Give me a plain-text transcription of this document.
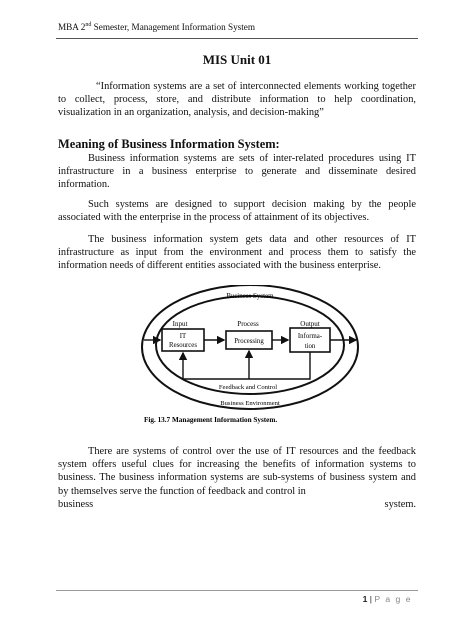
MBA 2nd Semester, Management Information System
MIS Unit 01
“Information systems are a set of interconnected elements working together to collect, process, store, and distribute information to help coordination, visualization in an organization, analysis, and decision-making”
Meaning of Business Information System:
Business information systems are sets of inter-related procedures using IT infrastructure in a business enterprise to generate and disseminate desired information.
Such systems are designed to support decision making by the people associated with the enterprise in the process of attainment of its objectives.
The business information system gets data and other resources of IT infrastructure as input from the environment and process them to satisfy the information needs of different entities associated with the business enterprise.
Business System
Input	Process	Output
IT
Resources
Processing
Informa-
tion
Feedback and Control
Business Environment
Fig. 13.7 Management Information System.
There are systems of control over the use of IT resources and the feedback system offers useful clues for increasing the benefits of information systems to business. The business information systems are sub-systems of business system and by themselves serve the function of feedback and control in
business	system.
1 | P a g e
